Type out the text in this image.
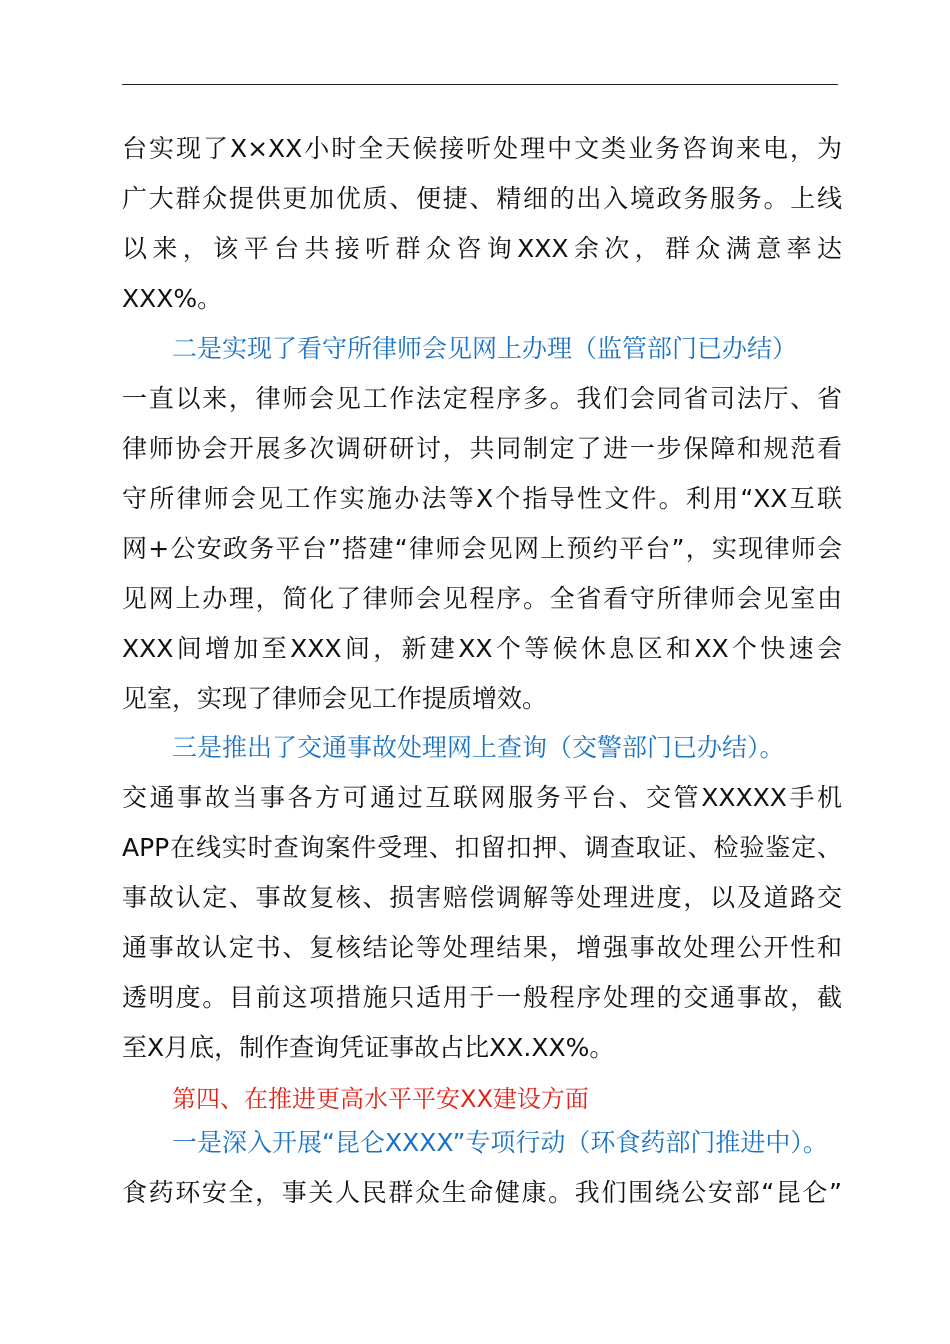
台实现了X×XX小时全天候接听处理中文类业务咨询来电，为
广大群众提供更加优质、便捷、精细的出入境政务服务。上线
以来，该平台共接听群众咨询XXX余次，群众满意率达
XXX%。
二是实现了看守所律师会见网上办理（监管部门已办结）
一直以来，律师会见工作法定程序多。我们会同省司法厅、省
律师协会开展多次调研研讨，共同制定了进一步保障和规范看
守所律师会见工作实施办法等X个指导性文件。利用“XX互联
网+公安政务平台”搭建“律师会见网上预约平台”，实现律师会
见网上办理，简化了律师会见程序。全省看守所律师会见室由
XXX间增加至XXX间，新建XX个等候休息区和XX个快速会
见室，实现了律师会见工作提质增效。
三是推出了交通事故处理网上查询（交警部门已办结）。
交通事故当事各方可通过互联网服务平台、交管XXXXX手机
APP在线实时查询案件受理、扣留扣押、调查取证、检验鉴定、
事故认定、事故复核、损害赔偿调解等处理进度，以及道路交
通事故认定书、复核结论等处理结果，增强事故处理公开性和
透明度。目前这项措施只适用于一般程序处理的交通事故，截
至X月底，制作查询凭证事故占比XX.XX%。
第四、在推进更高水平平安XX建设方面
一是深入开展“昆仑XXXX”专项行动（环食药部门推进中）。
食药环安全，事关人民群众生命健康。我们围绕公安部“昆仑”
